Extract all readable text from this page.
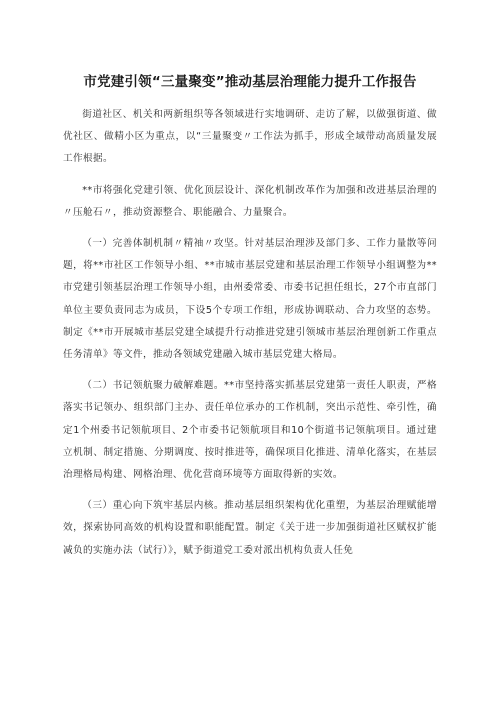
市党建引领“三量聚变”推动基层治理能力提升工作报告

街道社区、机关和两新组织等各领域进行实地调研、走访了解，以做强街道、做优社区、做精小区为重点，以“三量聚变〃工作法为抓手，形成全域带动高质量发展工作根据。

**市将强化党建引领、优化顶层设计、深化机制改革作为加强和改进基层治理的〃压舱石〃，推动资源整合、职能融合、力量聚合。

（一）完善体制机制〃精袖〃攻坚。针对基层治理涉及部门多、工作力量散等问题，将**市社区工作领导小组、**市城市基层党建和基层治理工作领导小组调整为**市党建引领基层治理工作领导小组，由州委常委、市委书记担任组长，27个市直部门单位主要负责同志为成员，下设5个专项工作组，形成协调联动、合力攻坚的态势。制定《**市开展城市基层党建全域提升行动推进党建引领城市基层治理创新工作重点任务清单》等文件，推动各领域党建融入城市基层党建大格局。

（二）书记领航聚力破解难题。**市坚持落实抓基层党建第一责任人职责，严格落实书记领办、组织部门主办、责任单位承办的工作机制，突出示范性、牵引性，确定1个州委书记领航项目、2个市委书记领航项目和10个街道书记领航项目。通过建立机制、制定措施、分期调度、按时推进等，确保项目化推进、清单化落实，在基层治理格局构建、网格治理、优化营商环境等方面取得新的实效。

（三）重心向下筑牢基层内核。推动基层组织架构优化重塑，为基层治理赋能增效，探索协同高效的机构设置和职能配置。制定《关于进一步加强街道社区赋权扩能减负的实施办法（试行）》，赋予街道党工委对派出机构负责人任免
